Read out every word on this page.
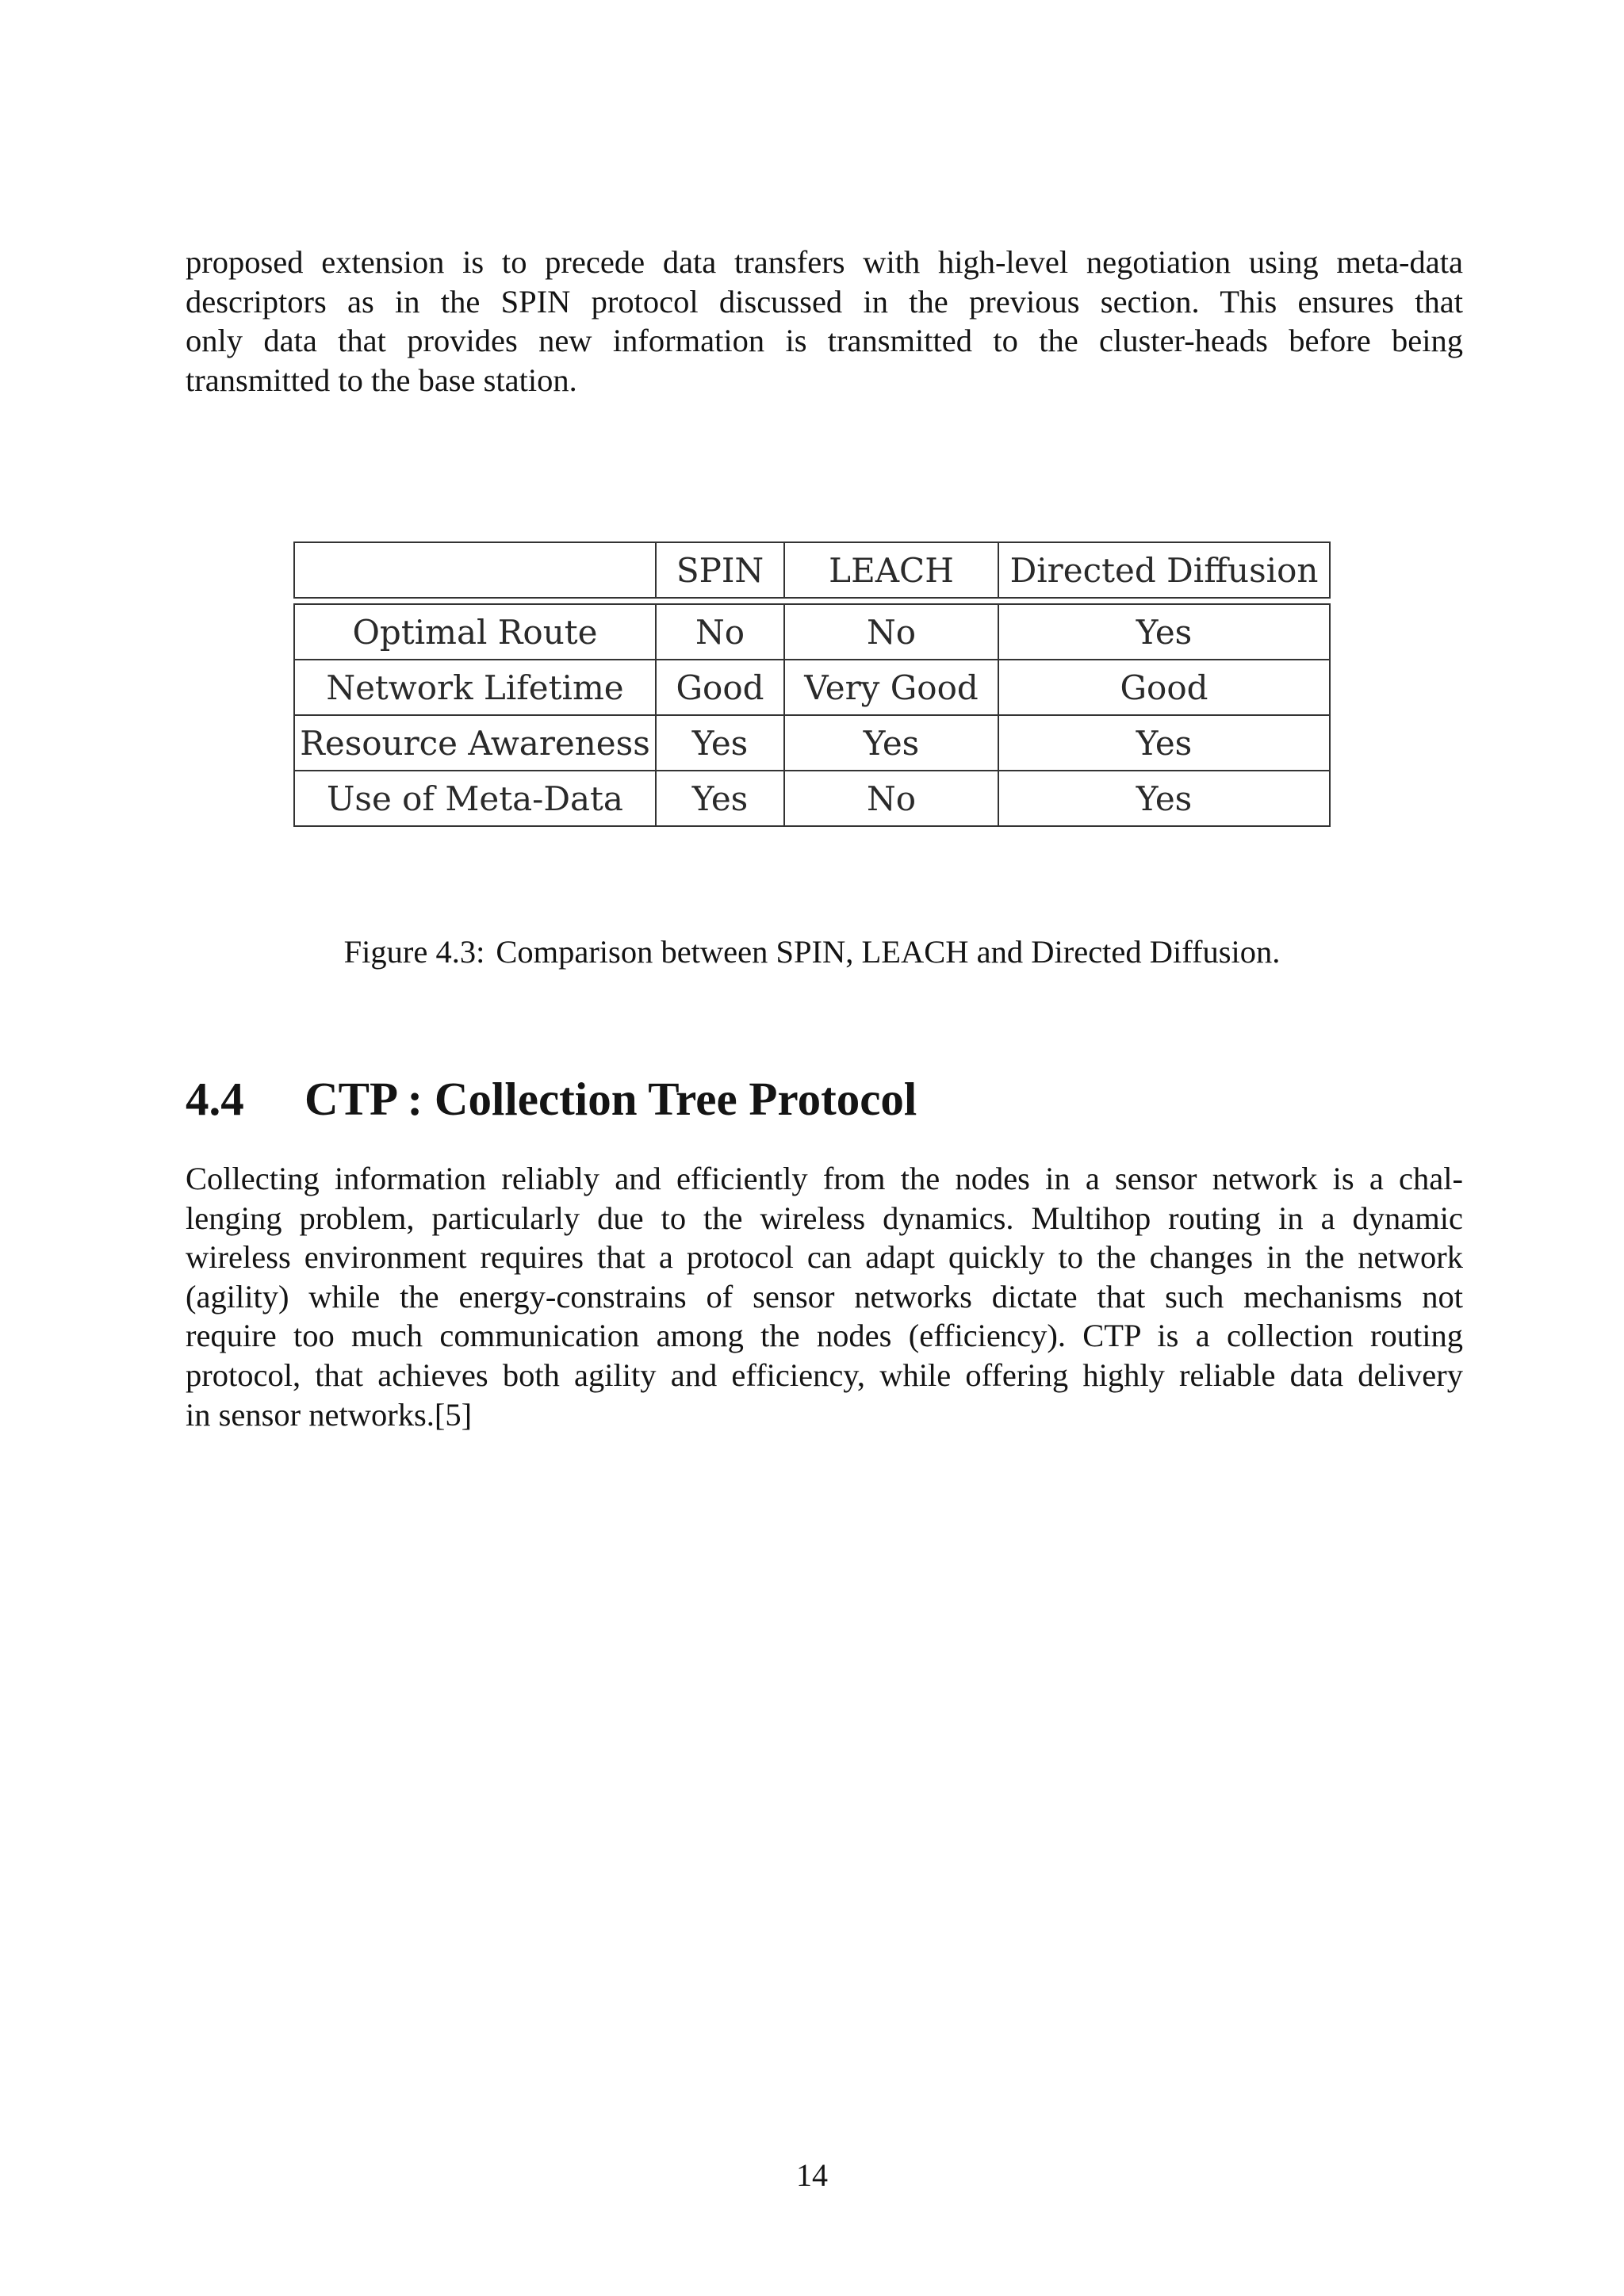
proposed extension is to precede data transfers with high-level negotiation using meta-data
descriptors as in the SPIN protocol discussed in the previous section. This ensures that
only data that provides new information is transmitted to the cluster-heads before being
transmitted to the base station.

	SPIN	LEACH	Directed Diffusion

Optimal Route	No	No	Yes
Network Lifetime	Good	Very Good	Good
Resource Awareness	Yes	Yes	Yes
Use of Meta-Data	Yes	No	Yes

Figure 4.3: Comparison between SPIN, LEACH and Directed Diffusion.

4.4 CTP : Collection Tree Protocol

Collecting information reliably and efficiently from the nodes in a sensor network is a chal-
lenging problem, particularly due to the wireless dynamics. Multihop routing in a dynamic
wireless environment requires that a protocol can adapt quickly to the changes in the network
(agility) while the energy-constrains of sensor networks dictate that such mechanisms not
require too much communication among the nodes (efficiency). CTP is a collection routing
protocol, that achieves both agility and efficiency, while offering highly reliable data delivery
in sensor networks.[5]

14
